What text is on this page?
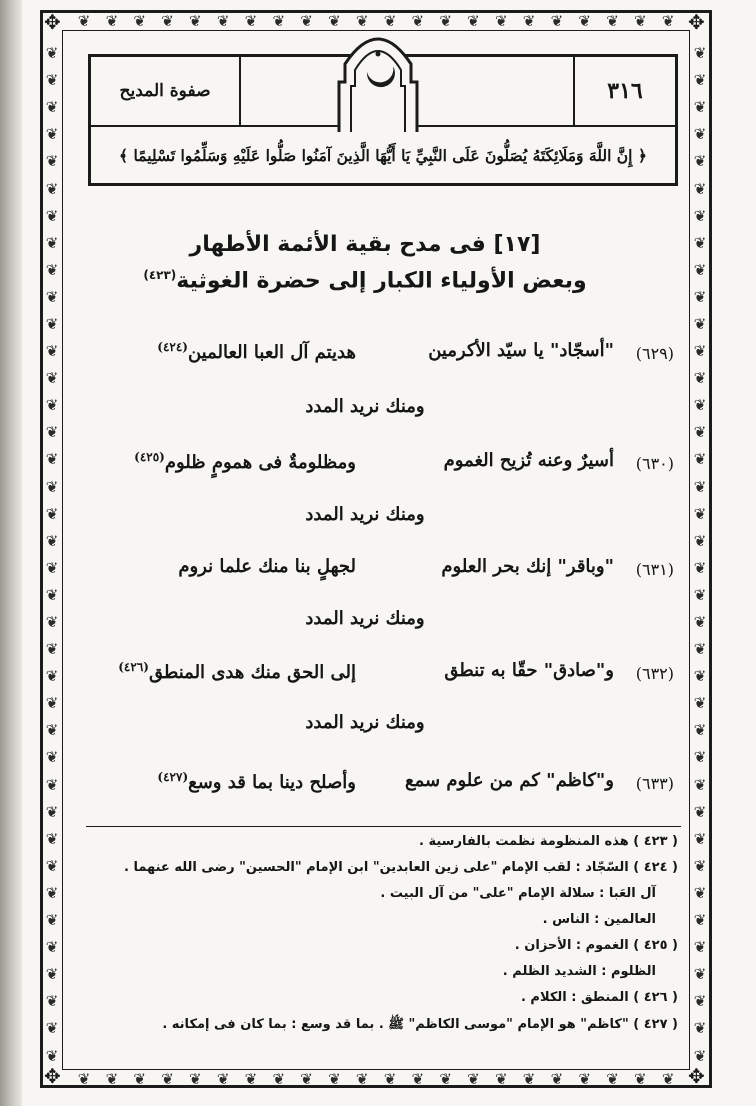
❦
❦
❦
❦
❦
❦
❦
❦
❦
❦
❦
❦
❦
❦
❦
❦
❦
❦
❦
❦
❦
❦
❦
❦
❦
❦
❦
❦
❦
❦
❦
❦
❦
❦
❦
❦
❦
❦
❦
❦
❦
❦
❦
❦
❦
❦
❦
❦
❦
❦
❦
❦
❦
❦
❦
❦
❦
❦
❦
❦
❦
❦
❦
❦
❦
❦
❦
❦
❦
❦
❦
❦
❦
❦
❦
❦
❦
❦
❦
❦
❦
❦
❦
❦
❦
❦
❦
❦
❦
❦
❦
❦
❦
❦
❦
❦
❦
❦
❦
❦
❦
❦
❦
❦
❦
❦
❦
❦
❦
❦
❦
❦
❦
❦
❦
❦
❦
❦
❦
❦
✥	✥
✥	✥
٣١٦
صفوة المديح
﴿ إِنَّ اللَّهَ وَمَلَائِكَتَهُ يُصَلُّونَ عَلَى النَّبِيِّ يَا أَيُّهَا الَّذِينَ آمَنُوا صَلُّوا عَلَيْهِ وَسَلِّمُوا تَسْلِيمًا ﴾
[١٧] فى مدح بقية الأئمة الأطهار
وبعض الأولياء الكبار إلى حضرة الغوثية$^{(٤٢٣)}$
(٦٢٩)
"أسجّاد" يا سيّد الأكرمين
هديتم آل العبا العالمين$^{(٤٢٤)}$
ومنك نريد المدد
(٦٣٠)
أسيرٌ وعنه تُزيح الغموم
ومظلومةٌ فى همومٍ ظلوم$^{(٤٢٥)}$
ومنك نريد المدد
(٦٣١)
"وباقر" إنك بحر العلوم
لجهلٍ بنا منك علما نروم
ومنك نريد المدد
(٦٣٢)
و"صادق" حقّا به تنطق
إلى الحق منك هدى المنطق$^{(٤٢٦)}$
ومنك نريد المدد
(٦٣٣)
و"كاظم" كم من علوم سمع
وأصلح دينا بما قد وسع$^{(٤٢٧)}$
( ٤٢٣ ) هذه المنظومة نظمت بالفارسية .
( ٤٢٤ ) السّجّاد : لقب الإمام "على زين العابدين" ابن الإمام "الحسين" رضى الله عنهما .
آل العَبا : سلالة الإمام "على" من آل البيت .
العالمين : الناس .
( ٤٢٥ ) الغموم : الأحزان .
الظلوم : الشديد الظلم .
( ٤٢٦ ) المنطق : الكلام .
( ٤٢٧ ) "كاظم" هو الإمام "موسى الكاظم" ﷺ . بما قد وسع : بما كان فى إمكانه .
